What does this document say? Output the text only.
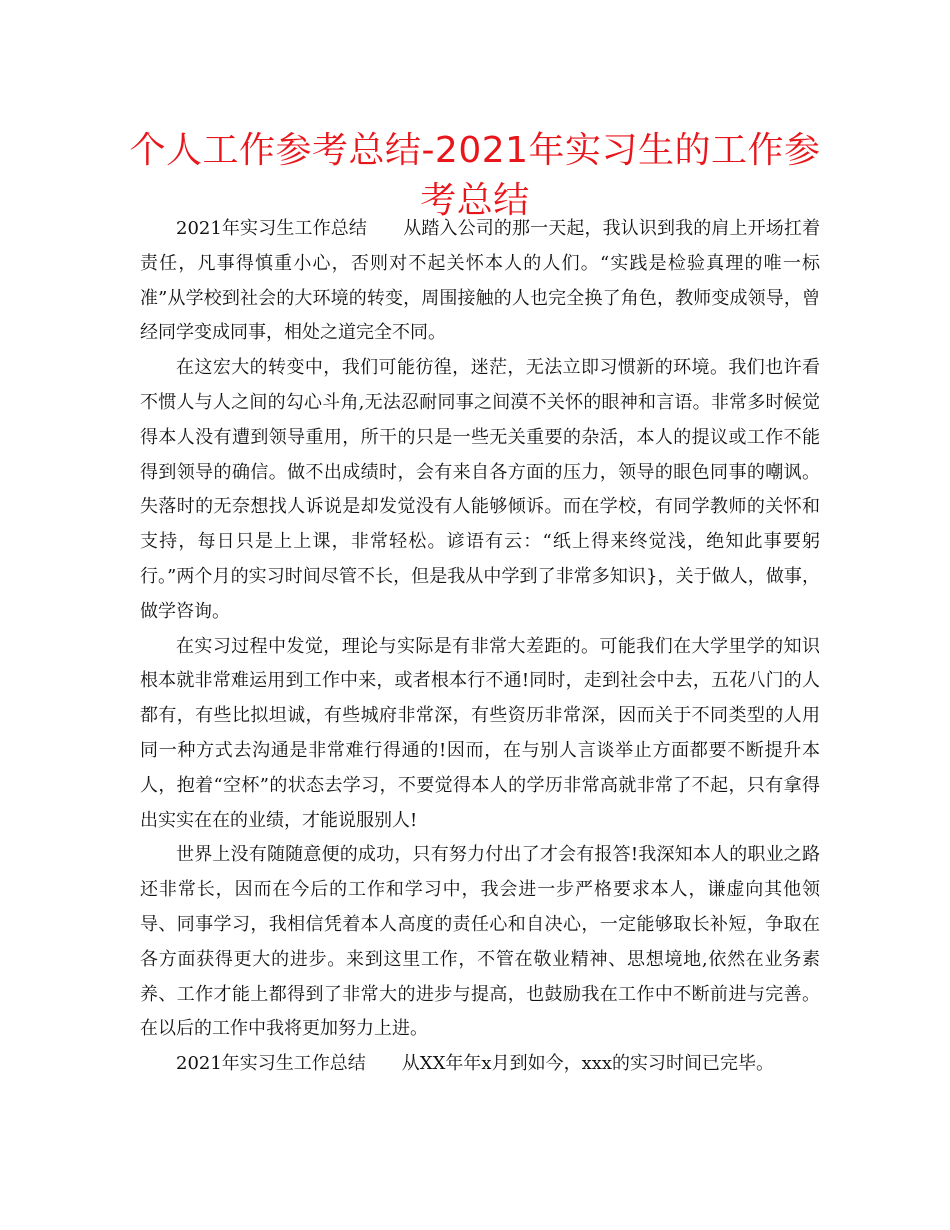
个人工作参考总结-2021年实习生的工作参考总结

2021年实习生工作总结　　从踏入公司的那一天起，我认识到我的肩上开场扛着责任，凡事得慎重小心，否则对不起关怀本人的人们。“实践是检验真理的唯一标准”从学校到社会的大环境的转变，周围接触的人也完全换了角色，教师变成领导，曾经同学变成同事，相处之道完全不同。

在这宏大的转变中，我们可能彷徨，迷茫，无法立即习惯新的环境。我们也许看不惯人与人之间的勾心斗角,无法忍耐同事之间漠不关怀的眼神和言语。非常多时候觉得本人没有遭到领导重用，所干的只是一些无关重要的杂活，本人的提议或工作不能得到领导的确信。做不出成绩时，会有来自各方面的压力，领导的眼色同事的嘲讽。失落时的无奈想找人诉说是却发觉没有人能够倾诉。而在学校，有同学教师的关怀和支持，每日只是上上课，非常轻松。谚语有云：“纸上得来终觉浅，绝知此事要躬行。”两个月的实习时间尽管不长，但是我从中学到了非常多知识}，关于做人，做事，做学咨询。

在实习过程中发觉，理论与实际是有非常大差距的。可能我们在大学里学的知识根本就非常难运用到工作中来，或者根本行不通!同时，走到社会中去，五花八门的人都有，有些比拟坦诚，有些城府非常深，有些资历非常深，因而关于不同类型的人用同一种方式去沟通是非常难行得通的!因而，在与别人言谈举止方面都要不断提升本人，抱着“空杯”的状态去学习，不要觉得本人的学历非常高就非常了不起，只有拿得出实实在在的业绩，才能说服别人!

世界上没有随随意便的成功，只有努力付出了才会有报答!我深知本人的职业之路还非常长，因而在今后的工作和学习中，我会进一步严格要求本人，谦虚向其他领导、同事学习，我相信凭着本人高度的责任心和自决心，一定能够取长补短，争取在各方面获得更大的进步。来到这里工作，不管在敬业精神、思想境地,依然在业务素养、工作才能上都得到了非常大的进步与提高，也鼓励我在工作中不断前进与完善。在以后的工作中我将更加努力上进。

2021年实习生工作总结　　从XX年年x月到如今，xxx的实习时间已完毕。
